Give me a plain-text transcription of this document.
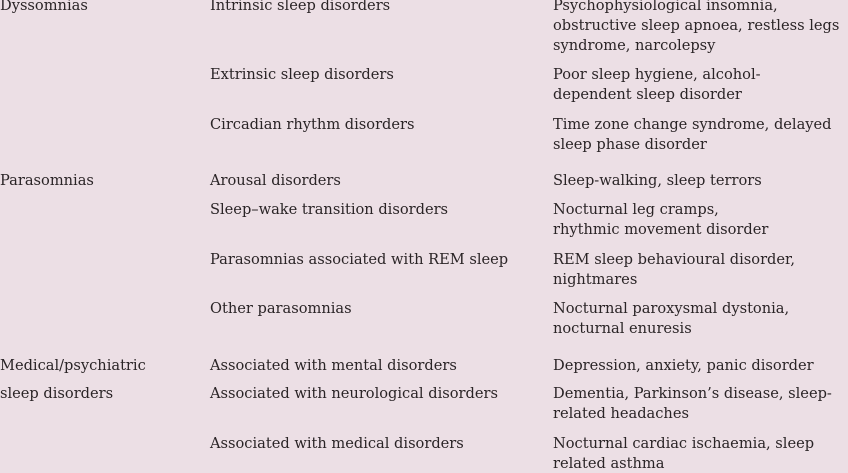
Dyssomnias	Intrinsic sleep disorders	Psychophysiological insomnia,
obstructive sleep apnoea, restless legs
syndrome, narcolepsy
Extrinsic sleep disorders	Poor sleep hygiene, alcohol-
dependent sleep disorder
Circadian rhythm disorders	Time zone change syndrome, delayed
sleep phase disorder
Parasomnias	Arousal disorders	Sleep-walking, sleep terrors
Sleep–wake transition disorders	Nocturnal leg cramps,
rhythmic movement disorder
Parasomnias associated with REM sleep	REM sleep behavioural disorder,
nightmares
Other parasomnias	Nocturnal paroxysmal dystonia,
nocturnal enuresis
Medical/psychiatric	Associated with mental disorders	Depression, anxiety, panic disorder
sleep disorders	Associated with neurological disorders	Dementia, Parkinson’s disease, sleep-
related headaches
Associated with medical disorders	Nocturnal cardiac ischaemia, sleep
related asthma
